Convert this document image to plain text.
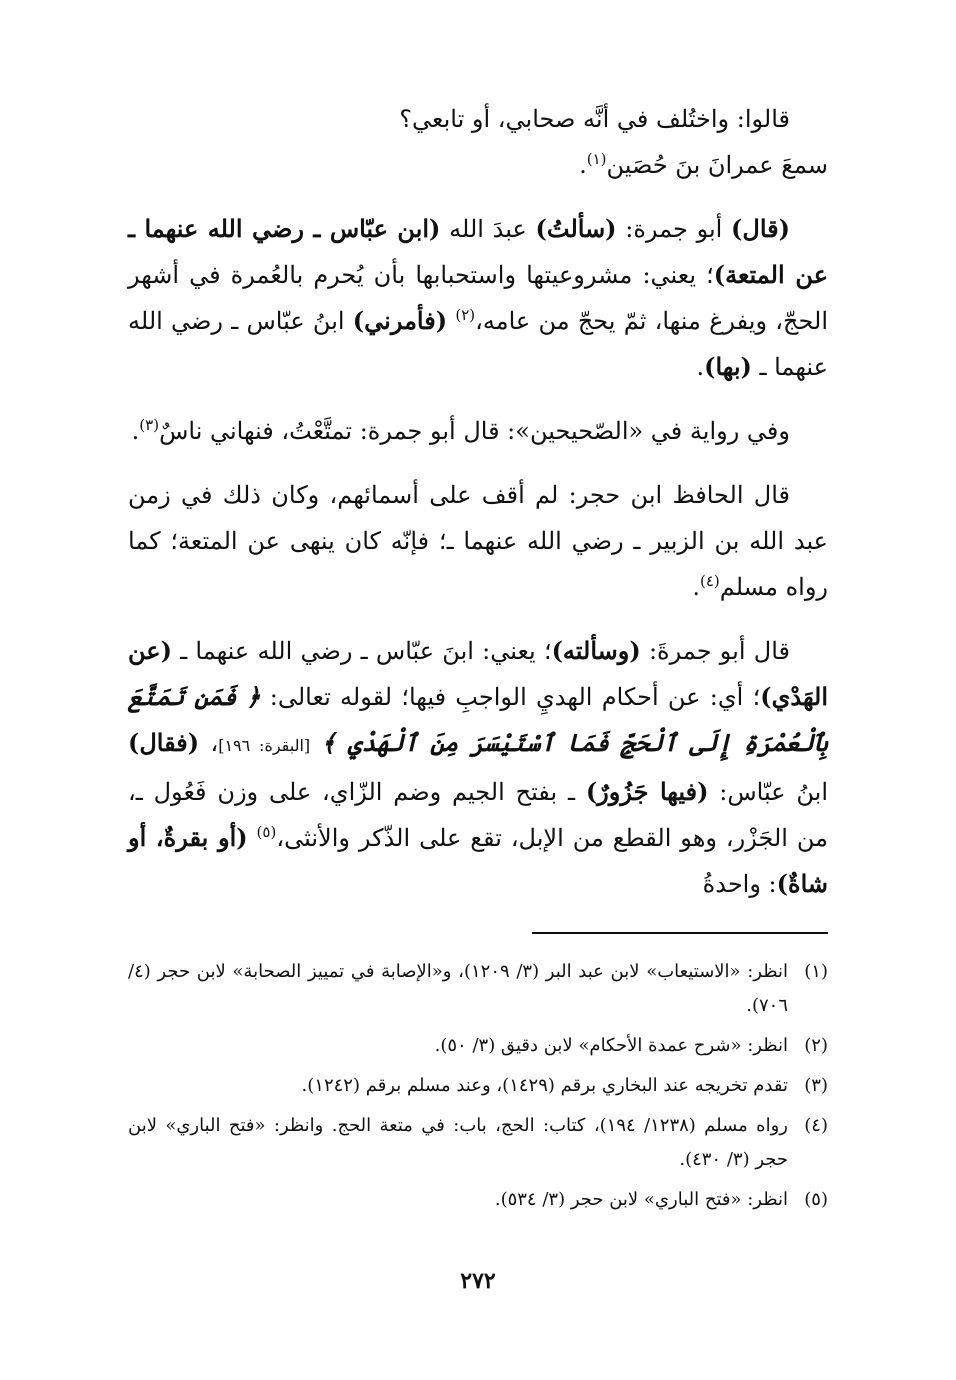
قالوا: واختُلف في أنَّه صحابي، أو تابعي؟
سمعَ عمرانَ بنَ حُصَين$^{(١)}$.

(قال) أبو جمرة: (سألتُ) عبدَ الله (ابن عبّاس ـ رضي الله عنهما ـ عن المتعة)؛ يعني: مشروعيتها واستحبابها بأن يُحرم بالعُمرة في أشهر الحجّ، ويفرغ منها، ثمّ يحجّ من عامه،$^{(٢)}$ (فأمرني) ابنُ عبّاس ـ رضي الله عنهما ـ (بها).

وفي رواية في «الصّحيحين»: قال أبو جمرة: تمتَّعْتُ، فنهاني ناسٌ$^{(٣)}$.

قال الحافظ ابن حجر: لم أقف على أسمائهم، وكان ذلك في زمن عبد الله بن الزبير ـ رضي الله عنهما ـ؛ فإنّه كان ينهى عن المتعة؛ كما رواه مسلم$^{(٤)}$.

قال أبو جمرةَ: (وسألته)؛ يعني: ابنَ عبّاس ـ رضي الله عنهما ـ (عن الهَدْي)؛ أي: عن أحكام الهديِ الواجبِ فيها؛ لقوله تعالى: ﴿ فَمَن تَمَتَّعَ بِٱلْعُمْرَةِ إِلَى ٱلْحَجِّ فَمَا ٱسْتَيْسَرَ مِنَ ٱلْهَدْيِ ﴾ [البقرة: ١٩٦]، (فقال) ابنُ عبّاس: (فيها جَزُورٌ) ـ بفتح الجيم وضم الزّاي، على وزن فَعُول ـ، من الجَزْر، وهو القطع من الإبل، تقع على الذّكر والأنثى،$^{(٥)}$ (أو بقرةٌ، أو شاةٌ): واحدةُ

(١)
انظر: «الاستيعاب» لابن عبد البر (٣/ ١٢٠٩)، و«الإصابة في تمييز الصحابة» لابن حجر (٤/ ٧٠٦).
(٢)
انظر: «شرح عمدة الأحكام» لابن دقيق (٣/ ٥٠).
(٣)
تقدم تخريجه عند البخاري برقم (١٤٢٩)، وعند مسلم برقم (١٢٤٢).
(٤)
رواه مسلم (١٢٣٨/ ١٩٤)، كتاب: الحج، باب: في متعة الحج. وانظر: «فتح الباري» لابن حجر (٣/ ٤٣٠).
(٥)
انظر: «فتح الباري» لابن حجر (٣/ ٥٣٤).
٢٧٢
